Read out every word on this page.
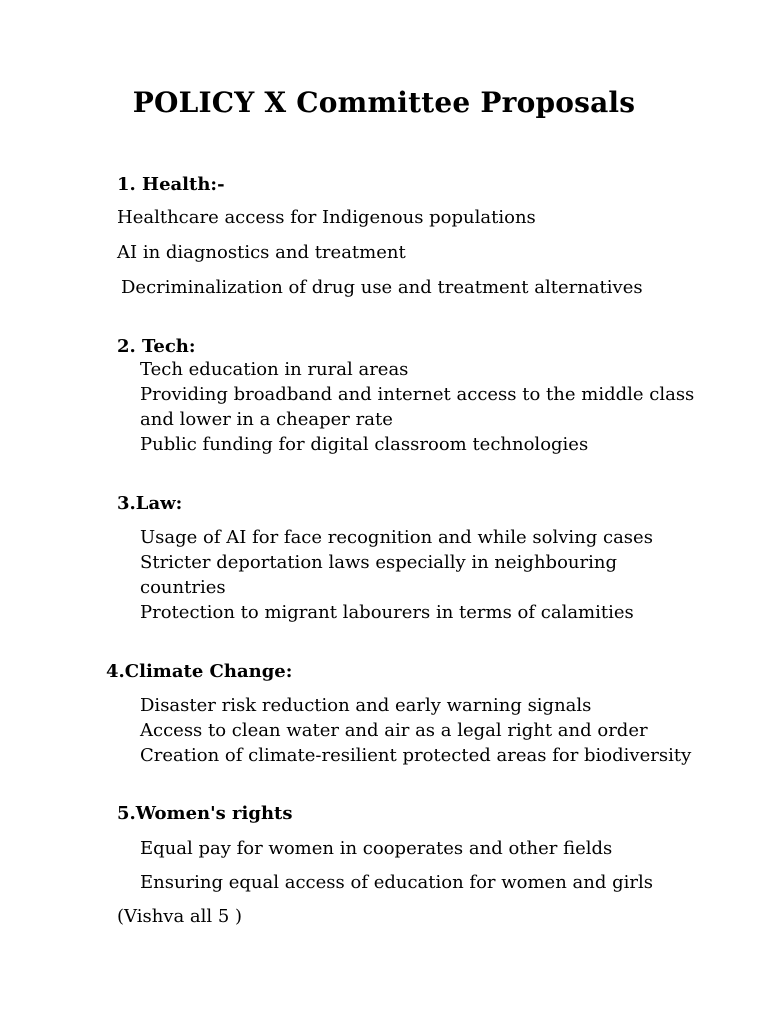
POLICY X Committee Proposals
1. Health:-
Healthcare access for Indigenous populations
AI in diagnostics and treatment
Decriminalization of drug use and treatment alternatives
2. Tech:
Tech education in rural areas
Providing broadband and internet access to the middle class
and lower in a cheaper rate
Public funding for digital classroom technologies
3.Law:
Usage of AI for face recognition and while solving cases
Stricter deportation laws especially in neighbouring
countries
Protection to migrant labourers in terms of calamities
4.Climate Change:
Disaster risk reduction and early warning signals
Access to clean water and air as a legal right and order
Creation of climate-resilient protected areas for biodiversity
5.Women's rights
Equal pay for women in cooperates and other fields
Ensuring equal access of education for women and girls
(Vishva all 5 )
